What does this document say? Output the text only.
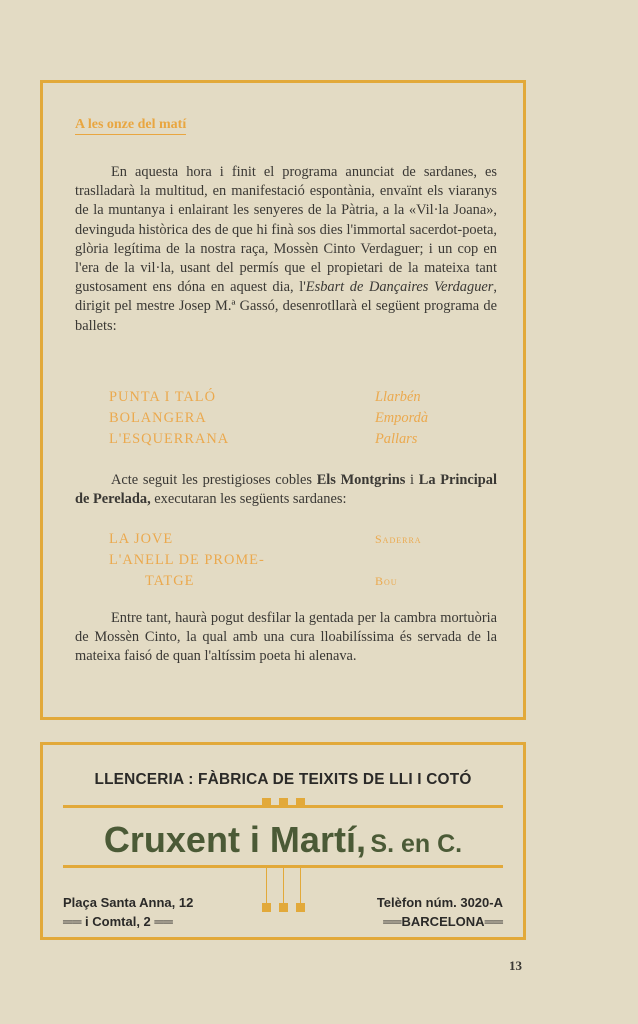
A les onze del matí
En aquesta hora i finit el programa anunciat de sardanes, es traslladarà la multitud, en manifestació espontània, envaïnt els viaranys de la muntanya i enlairant les senyeres de la Pàtria, a la «Vil·la Joana», devinguda històrica des de que hi finà sos dies l'immortal sacerdot-poeta, glòria legítima de la nostra raça, Mossèn Cinto Verdaguer; i un cop en l'era de la vil·la, usant del permís que el propietari de la mateixa tant gustosament ens dóna en aquest dia, l'Esbart de Dançaires Verdaguer, dirigit pel mestre Josep M.ª Gassó, desenrotllarà el següent programa de ballets:
PUNTA I TALÓ	Llarbén
BOLANGERA	Empordà
L'ESQUERRANA	Pallars
Acte seguit les prestigioses cobles Els Montgrins i La Principal de Perelada, executaran les següents sardanes:
LA JOVE	Saderra
L'ANELL DE PROME-
TATGE	Bou
Entre tant, haurà pogut desfilar la gentada per la cambra mortuòria de Mossèn Cinto, la qual amb una cura lloabilíssima és servada de la mateixa faisó de quan l'altíssim poeta hi alenava.
LLENCERIA : FÀBRICA DE TEIXITS DE LLI I COTÓ
Cruxent i Martí, S. en C.
Plaça Santa Anna, 12
══ i Comtal, 2 ══
Telèfon núm. 3020-A
══BARCELONA══
13
